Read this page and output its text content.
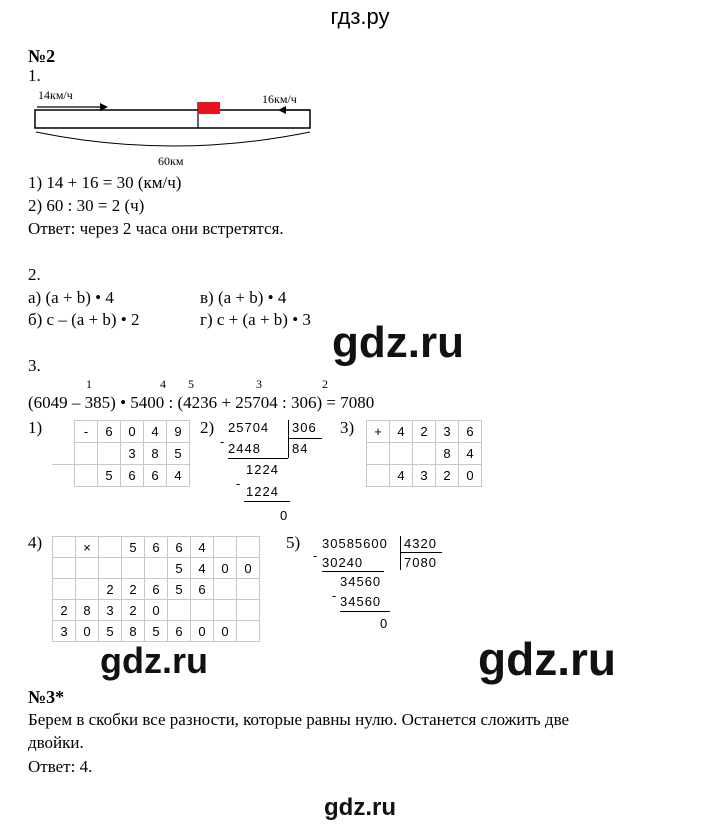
гдз.ру
№2
1.
14км/ч	16км/ч
60км
1) 14 + 16 = 30 (км/ч)
2) 60 : 30 = 2 (ч)
Ответ: через 2 часа они встретятся.
2.
а) (a + b) • 4	в) (a + b) • 4
б) c – (a + b) • 2	г) c + (a + b) • 3 gdz.ru
3.
1	4 5	3	2
(6049 – 385) • 5400 : (4236 + 25704 : 306) = 7080
1)	2)	3)
4)	5)
	-	6	0	4	9
			3	8	5
		5	6	6	4
25704 306
84
- 2448
1224
-
1224
0
+	4	2	3	6
			8	4
	4	3	2	0
	×		5	6	6	4		
					5	4	0	0
		2	2	6	5	6		
2	8	3	2	0				
3	0	5	8	5	6	0	0	
30585600 4320
7080
- 30240
34560
- 34560
0
gdz.ru	gdz.ru
№3*
Берем в скобки все разности, которые равны нулю. Останется сложить две
двойки.
Ответ: 4.
gdz.ru
